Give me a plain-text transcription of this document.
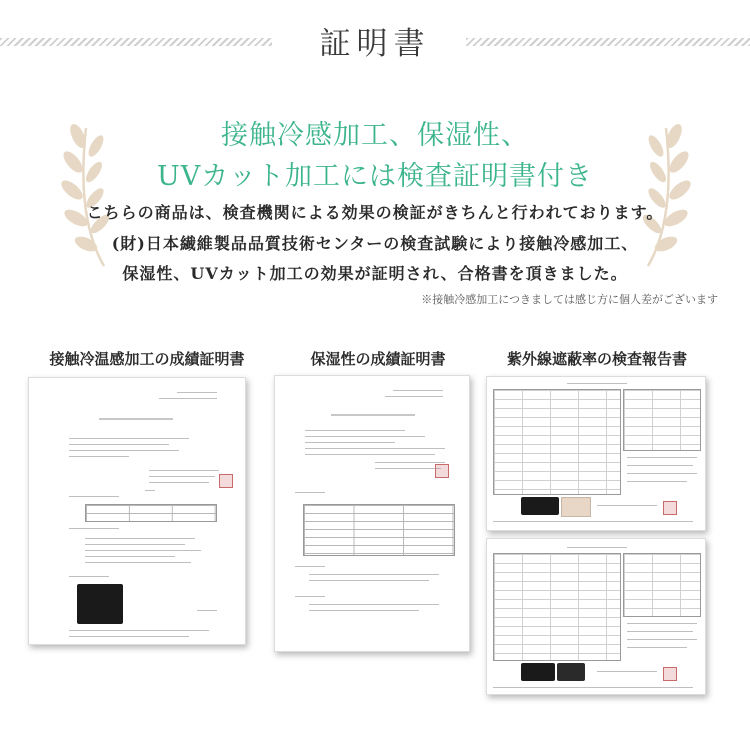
証明書
接触冷感加工、保湿性、
UVカット加工には検査証明書付き
こちらの商品は、検査機関による効果の検証がきちんと行われております。
(財)日本繊維製品品質技術センターの検査試験により接触冷感加工、
保湿性、UVカット加工の効果が証明され、合格書を頂きました。
※接触冷感加工につきましては感じ方に個人差がございます
接触冷温感加工の成績証明書	保湿性の成績証明書	紫外線遮蔽率の検査報告書
